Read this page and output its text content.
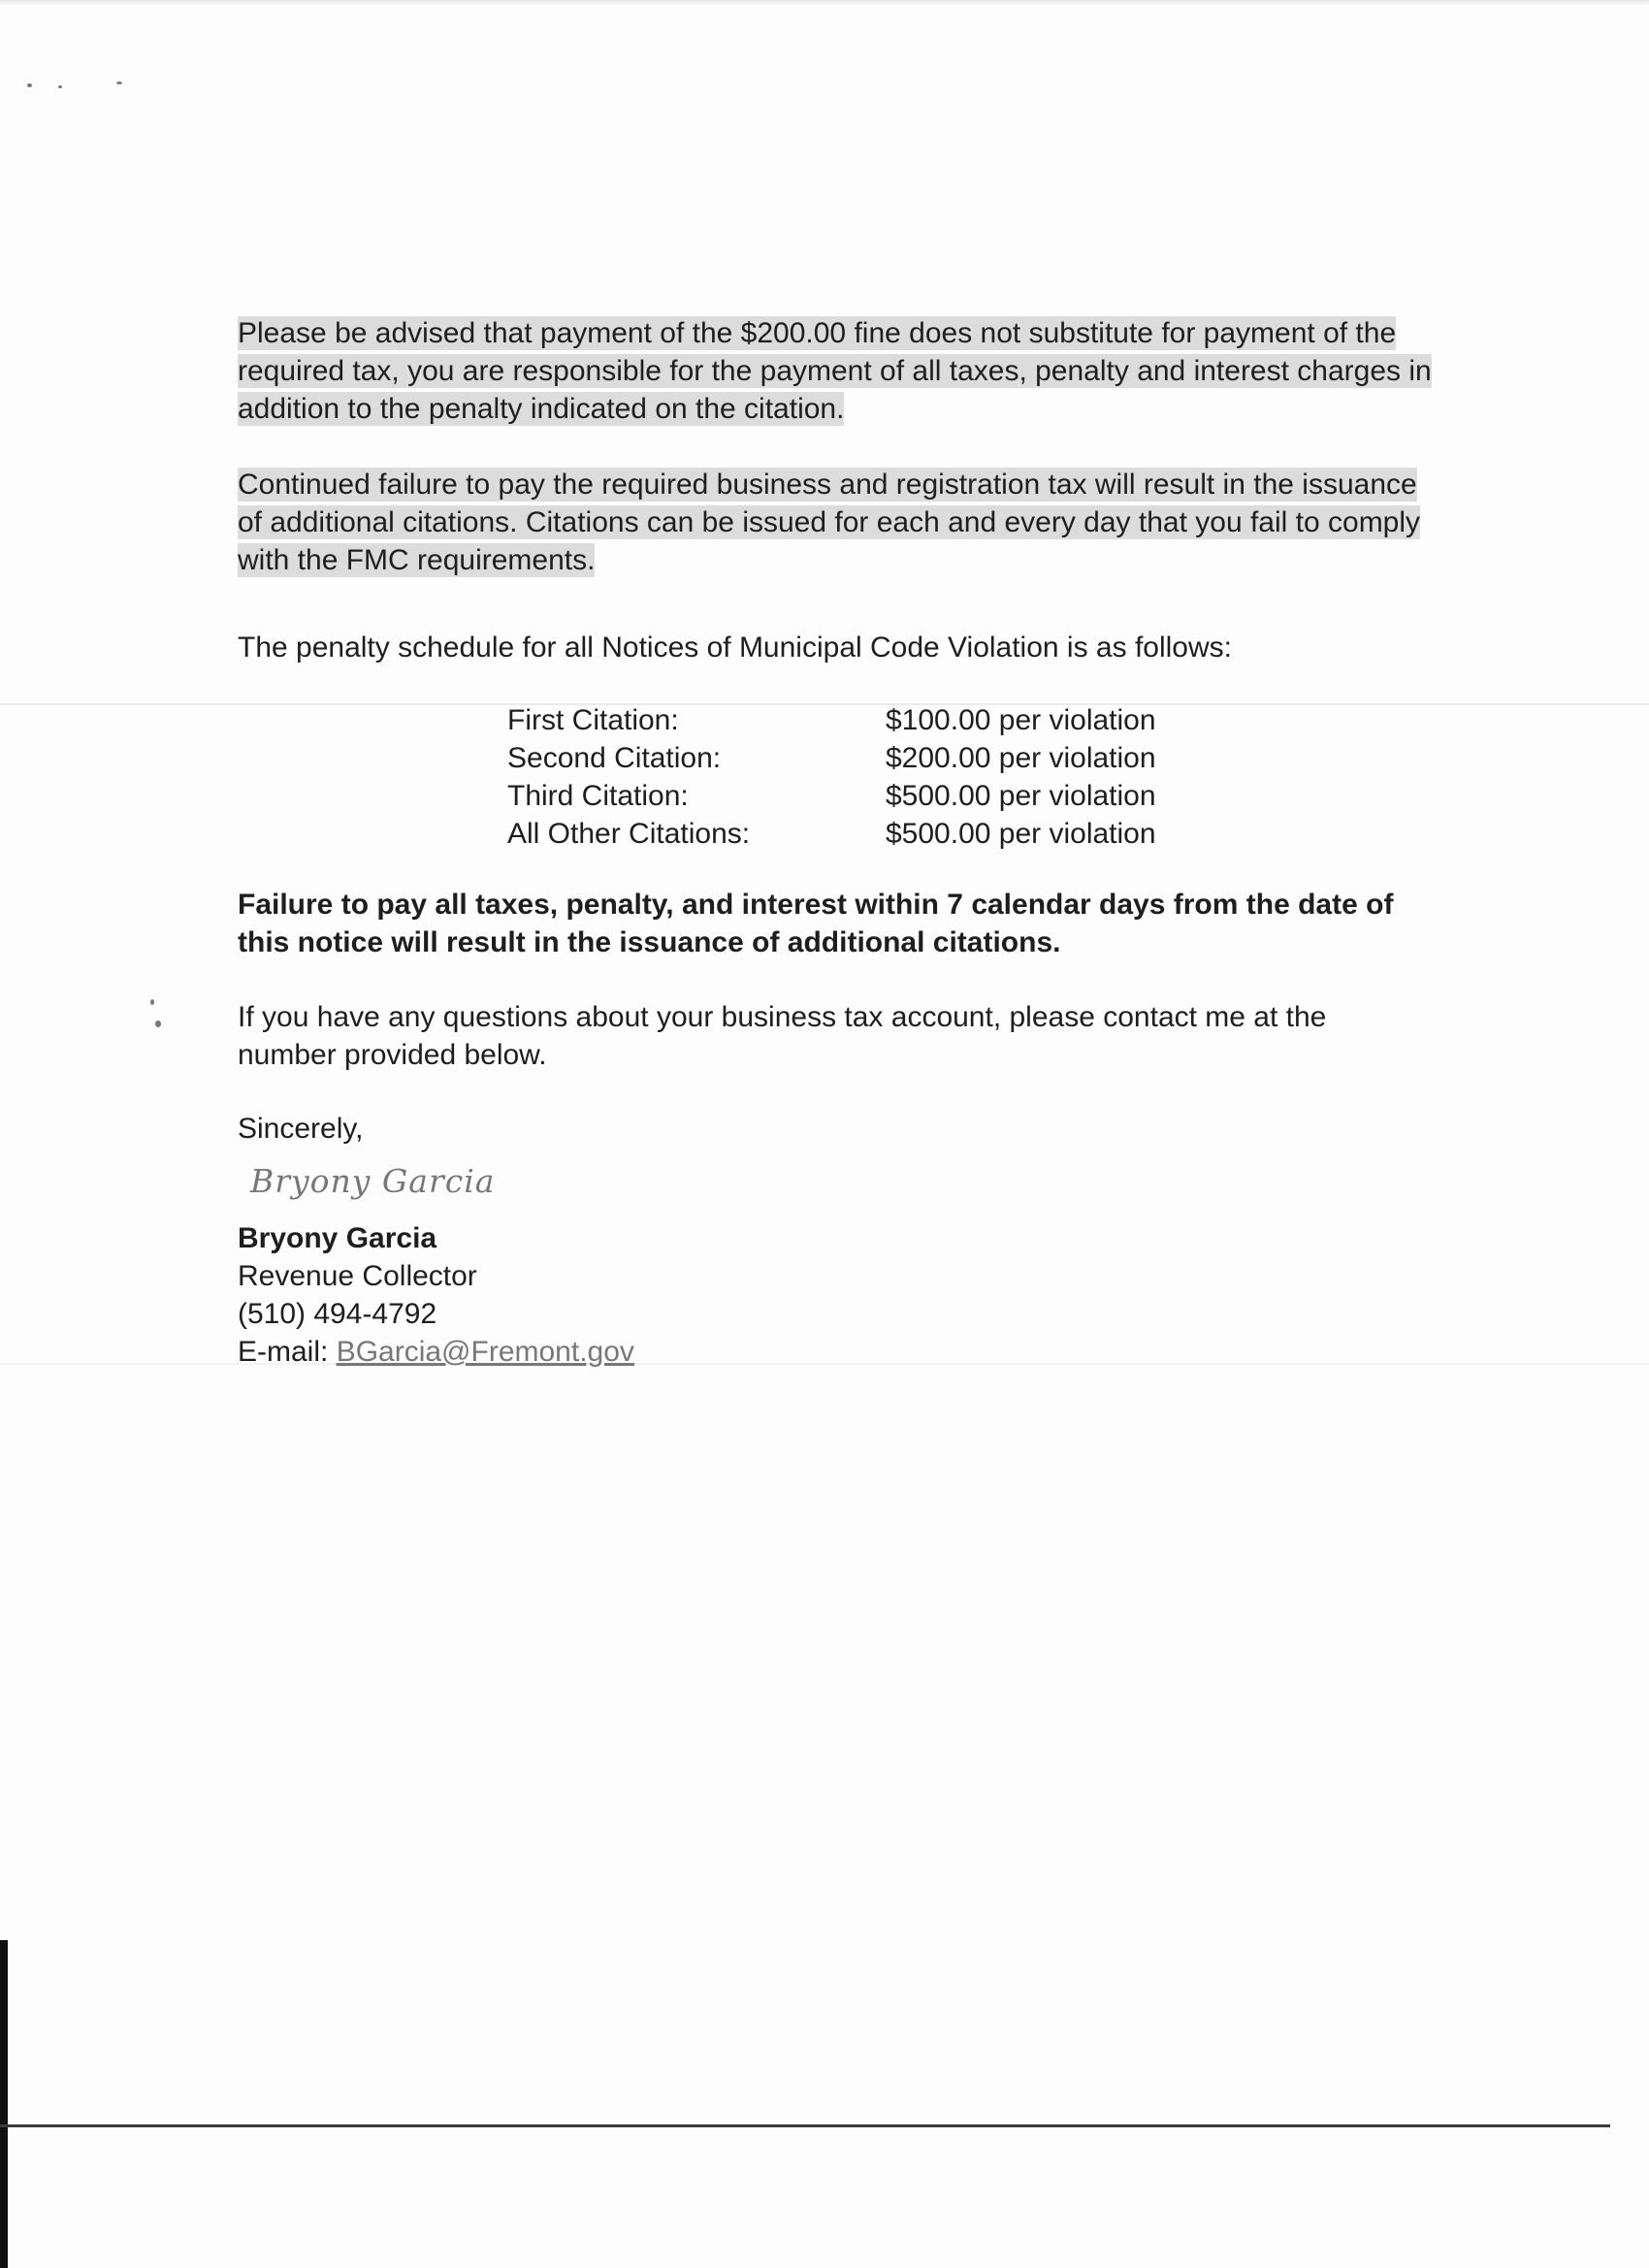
Please be advised that payment of the $200.00 fine does not substitute for payment of the required tax, you are responsible for the payment of all taxes, penalty and interest charges in addition to the penalty indicated on the citation.

Continued failure to pay the required business and registration tax will result in the issuance of additional citations. Citations can be issued for each and every day that you fail to comply with the FMC requirements.

The penalty schedule for all Notices of Municipal Code Violation is as follows:

First Citation:	$100.00 per violation
Second Citation:	$200.00 per violation
Third Citation:	$500.00 per violation
All Other Citations:	$500.00 per violation

Failure to pay all taxes, penalty, and interest within 7 calendar days from the date of this notice will result in the issuance of additional citations.

If you have any questions about your business tax account, please contact me at the number provided below.

Sincerely,

Bryony Garcia
Bryony Garcia
Revenue Collector
(510) 494-4792
E-mail: BGarcia@Fremont.gov
